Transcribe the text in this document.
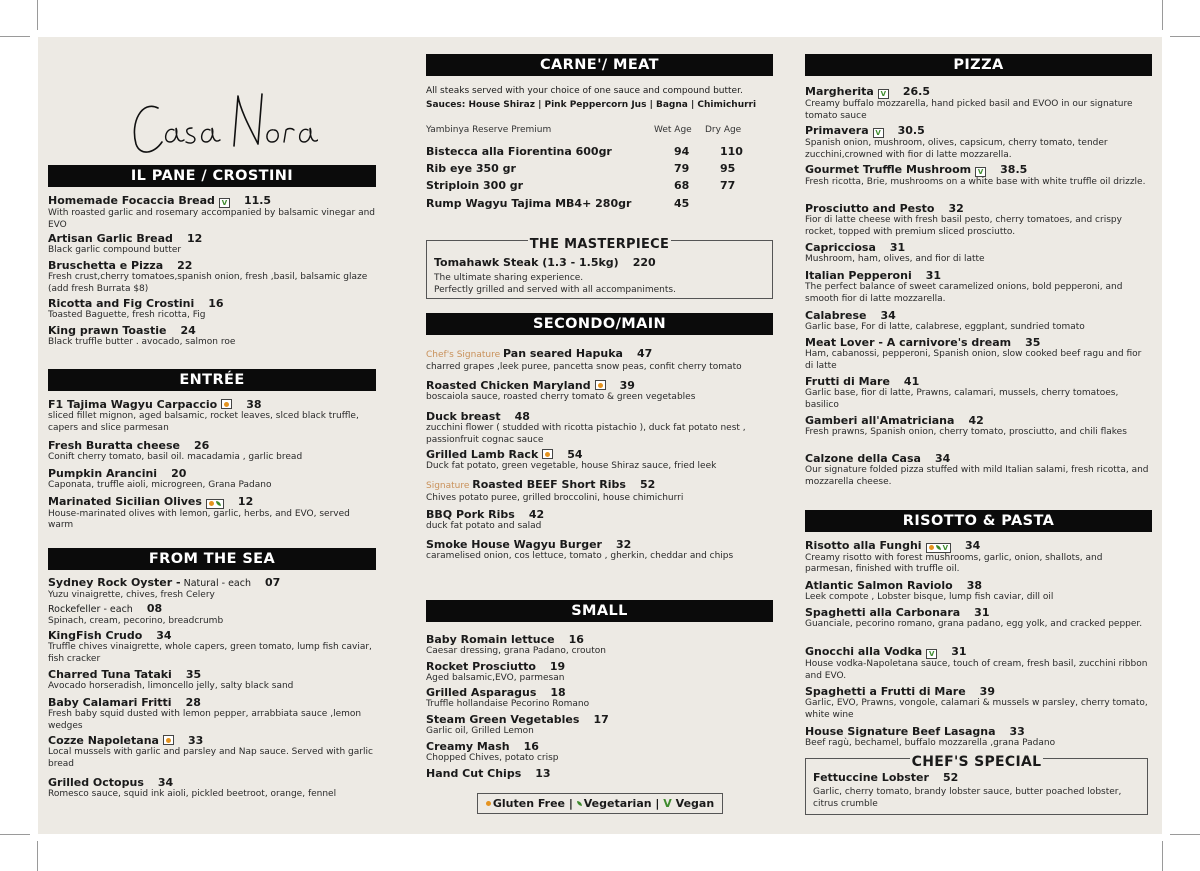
IL PANE / CROSTINI
Homemade Focaccia Bread V 11.5
With roasted garlic and rosemary accompanied by balsamic vinegar and EVO
Artisan Garlic Bread 12
Black garlic compound butter
Bruschetta e Pizza 22
Fresh crust,cherry tomatoes,spanish onion, fresh ,basil, balsamic glaze (add fresh Burrata $8)
Ricotta and Fig Crostini 16
Toasted Baguette, fresh ricotta, Fig
King prawn Toastie 24
Black truffle butter . avocado, salmon roe
ENTRÉE
F1 Tajima Wagyu Carpaccio	38
sliced fillet mignon, aged balsamic, rocket leaves, slced black truffle, capers and slice parmesan
Fresh Buratta cheese 26
Conift cherry tomato, basil oil. macadamia , garlic bread
Pumpkin Arancini 20
Caponata, truffle aioli, microgreen, Grana Padano
Marinated Sicilian Olives	12
House-marinated olives with lemon, garlic, herbs, and EVO, served warm
FROM THE SEA
Sydney Rock Oyster - Natural - each 07
Yuzu vinaigrette, chives, fresh Celery
Rockefeller - each 08
Spinach, cream, pecorino, breadcrumb
KingFish Crudo 34
Truffle chives vinaigrette, whole capers, green tomato, lump fish caviar, fish cracker
Charred Tuna Tataki 35
Avocado horseradish, limoncello jelly, salty black sand
Baby Calamari Fritti 28
Fresh baby squid dusted with lemon pepper, arrabbiata sauce ,lemon wedges
Cozze Napoletana	33
Local mussels with garlic and parsley and Nap sauce. Served with garlic bread
Grilled Octopus 34
Romesco sauce, squid ink aioli, pickled beetroot, orange, fennel
CARNE'/ MEAT
All steaks served with your choice of one sauce and compound butter.
Sauces: House Shiraz | Pink Peppercorn Jus | Bagna | Chimichurri
Yambinya Reserve Premium	Wet Age Dry Age
Bistecca alla Fiorentina 600gr	94	110
Rib eye 350 gr	79	95
Striploin 300 gr	68	77
Rump Wagyu Tajima MB4+ 280gr	45
THE MASTERPIECE
Tomahawk Steak (1.3 - 1.5kg) 220
The ultimate sharing experience.
Perfectly grilled and served with all accompaniments.
SECONDO/MAIN
Chef's Signature Pan seared Hapuka 47
charred grapes ,leek puree, pancetta snow peas, confit cherry tomato
Roasted Chicken Maryland	39
boscaiola sauce, roasted cherry tomato & green vegetables
Duck breast 48
zucchini flower ( studded with ricotta pistachio ), duck fat potato nest , passionfruit cognac sauce
Grilled Lamb Rack	54
Duck fat potato, green vegetable, house Shiraz sauce, fried leek
Signature Roasted BEEF Short Ribs 52
Chives potato puree, grilled broccolini, house chimichurri
BBQ Pork Ribs 42
duck fat potato and salad
Smoke House Wagyu Burger 32
caramelised onion, cos lettuce, tomato , gherkin, cheddar and chips
SMALL
Baby Romain lettuce 16
Caesar dressing, grana Padano, crouton
Rocket Prosciutto 19
Aged balsamic,EVO, parmesan
Grilled Asparagus 18
Truffle hollandaise Pecorino Romano
Steam Green Vegetables 17
Garlic oil, Grilled Lemon
Creamy Mash 16
Chopped Chives, potato crisp
Hand Cut Chips 13
Gluten Free | Vegetarian | V Vegan
PIZZA
Margherita V 26.5
Creamy buffalo mozzarella, hand picked basil and EVOO in our signature tomato sauce
Primavera V 30.5
Spanish onion, mushroom, olives, capsicum, cherry tomato, tender zucchini,crowned with fior di latte mozzarella.
Gourmet Truffle Mushroom V 38.5
Fresh ricotta, Brie, mushrooms on a white base with white truffle oil drizzle.
Prosciutto and Pesto 32
Fior di latte cheese with fresh basil pesto, cherry tomatoes, and crispy rocket, topped with premium sliced prosciutto.
Capricciosa 31
Mushroom, ham, olives, and fior di latte
Italian Pepperoni 31
The perfect balance of sweet caramelized onions, bold pepperoni, and smooth fior di latte mozzarella.
Calabrese 34
Garlic base, For di latte, calabrese, eggplant, sundried tomato
Meat Lover - A carnivore's dream 35
Ham, cabanossi, pepperoni, Spanish onion, slow cooked beef ragu and fior di latte
Frutti di Mare 41
Garlic base, fior di latte, Prawns, calamari, mussels, cherry tomatoes, basilico
Gamberi all'Amatriciana 42
Fresh prawns, Spanish onion, cherry tomato, prosciutto, and chili flakes
Calzone della Casa 34
Our signature folded pizza stuffed with mild Italian salami, fresh ricotta, and mozzarella cheese.
RISOTTO & PASTA
Risotto alla Funghi	V 34
Creamy risotto with forest mushrooms, garlic, onion, shallots, and parmesan, finished with truffle oil.
Atlantic Salmon Raviolo 38
Leek compote , Lobster bisque, lump fish caviar, dill oil
Spaghetti alla Carbonara 31
Guanciale, pecorino romano, grana padano, egg yolk, and cracked pepper.
Gnocchi alla Vodka V 31
House vodka-Napoletana sauce, touch of cream, fresh basil, zucchini ribbon and EVO.
Spaghetti a Frutti di Mare 39
Garlic, EVO, Prawns, vongole, calamari & mussels w parsley, cherry tomato, white wine
House Signature Beef Lasagna 33
Beef ragù, bechamel, buffalo mozzarella ,grana Padano
CHEF'S SPECIAL
Fettuccine Lobster 52
Garlic, cherry tomato, brandy lobster sauce, butter poached lobster, citrus crumble
